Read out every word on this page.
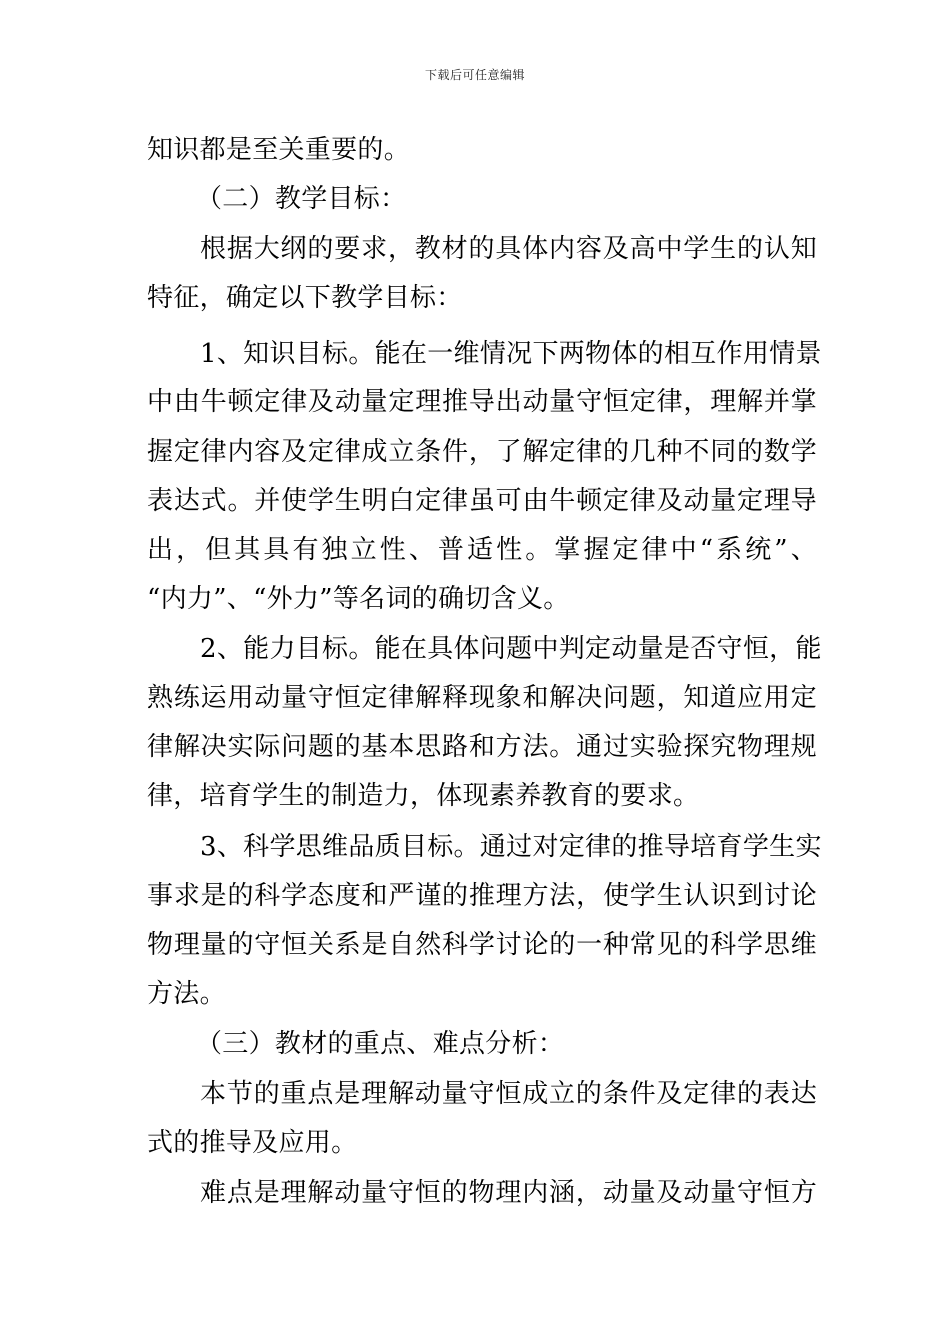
下载后可任意编辑
知识都是至关重要的。
（二）教学目标：
根据大纲的要求，教材的具体内容及高中学生的认知
特征，确定以下教学目标：
1、知识目标。能在一维情况下两物体的相互作用情景
中由牛顿定律及动量定理推导出动量守恒定律，理解并掌
握定律内容及定律成立条件，了解定律的几种不同的数学
表达式。并使学生明白定律虽可由牛顿定律及动量定理导
出，但其具有独立性、普适性。掌握定律中“系统”、
“内力”、“外力”等名词的确切含义。
2、能力目标。能在具体问题中判定动量是否守恒，能
熟练运用动量守恒定律解释现象和解决问题，知道应用定
律解决实际问题的基本思路和方法。通过实验探究物理规
律，培育学生的制造力，体现素养教育的要求。
3、科学思维品质目标。通过对定律的推导培育学生实
事求是的科学态度和严谨的推理方法，使学生认识到讨论
物理量的守恒关系是自然科学讨论的一种常见的科学思维
方法。
（三）教材的重点、难点分析：
本节的重点是理解动量守恒成立的条件及定律的表达
式的推导及应用。
难点是理解动量守恒的物理内涵，动量及动量守恒方
